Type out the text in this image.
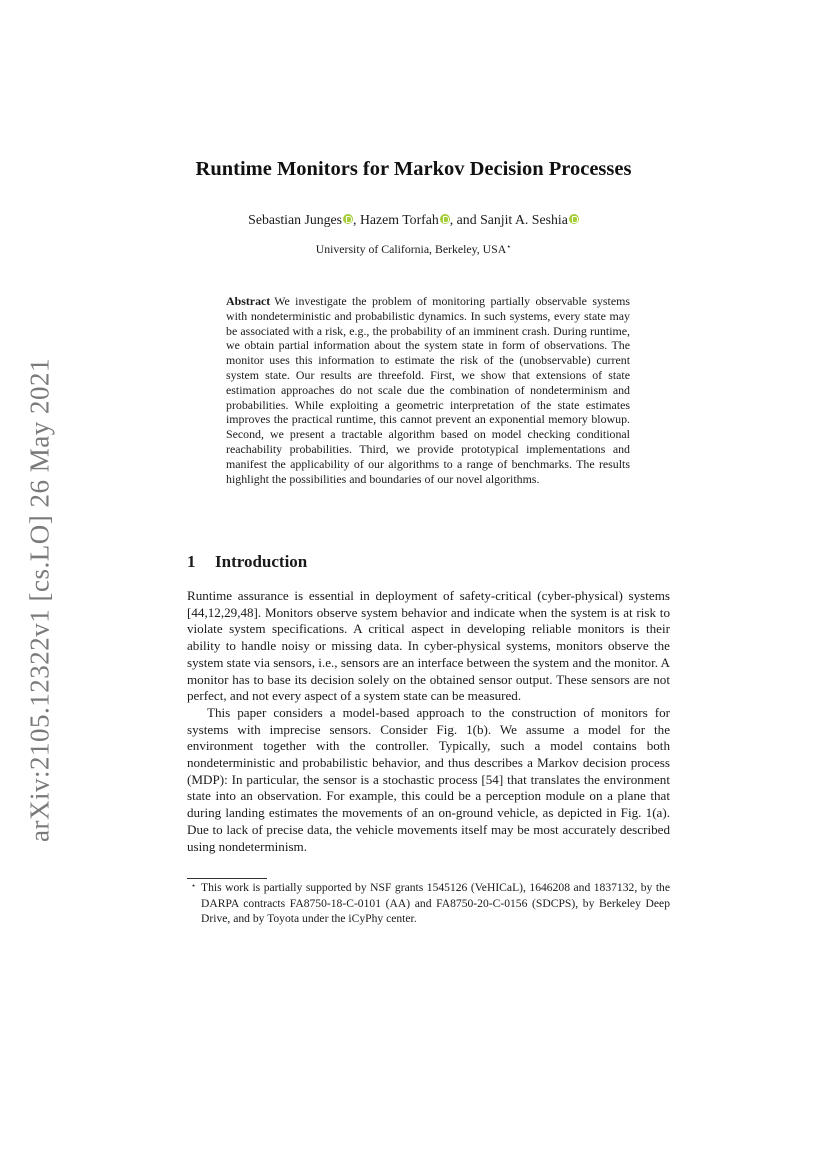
arXiv:2105.12322v1 [cs.LO] 26 May 2021
Runtime Monitors for Markov Decision Processes
Sebastian Junges , Hazem Torfah , and Sanjit A. Seshia
University of California, Berkeley, USA⋆
Abstract We investigate the problem of monitoring partially observable systems with nondeterministic and probabilistic dynamics. In such systems, every state may be associated with a risk, e.g., the probability of an imminent crash. During runtime, we obtain partial information about the system state in form of observations. The monitor uses this information to estimate the risk of the (unobservable) current system state. Our results are threefold. First, we show that extensions of state estimation approaches do not scale due the combination of nondeterminism and probabilities. While exploiting a geometric interpretation of the state estimates improves the practical runtime, this cannot prevent an exponential memory blowup. Second, we present a tractable algorithm based on model checking conditional reachability probabilities. Third, we provide prototypical implementations and manifest the applicability of our algorithms to a range of benchmarks. The results highlight the possibilities and boundaries of our novel algorithms.
1 Introduction

Runtime assurance is essential in deployment of safety-critical (cyber-physical) systems [44,12,29,48]. Monitors observe system behavior and indicate when the system is at risk to violate system specifications. A critical aspect in developing reliable monitors is their ability to handle noisy or missing data. In cyber-physical systems, monitors observe the system state via sensors, i.e., sensors are an interface between the system and the monitor. A monitor has to base its decision solely on the obtained sensor output. These sensors are not perfect, and not every aspect of a system state can be measured.

This paper considers a model-based approach to the construction of monitors for systems with imprecise sensors. Consider Fig. 1(b). We assume a model for the environment together with the controller. Typically, such a model contains both nondeterministic and probabilistic behavior, and thus describes a Markov decision process (MDP): In particular, the sensor is a stochastic process [54] that translates the environment state into an observation. For example, this could be a perception module on a plane that during landing estimates the movements of an on-ground vehicle, as depicted in Fig. 1(a). Due to lack of precise data, the vehicle movements itself may be most accurately described using nondeterminism.

⋆ This work is partially supported by NSF grants 1545126 (VeHICaL), 1646208 and 1837132, by the DARPA contracts FA8750-18-C-0101 (AA) and FA8750-20-C-0156 (SDCPS), by Berkeley Deep Drive, and by Toyota under the iCyPhy center.
